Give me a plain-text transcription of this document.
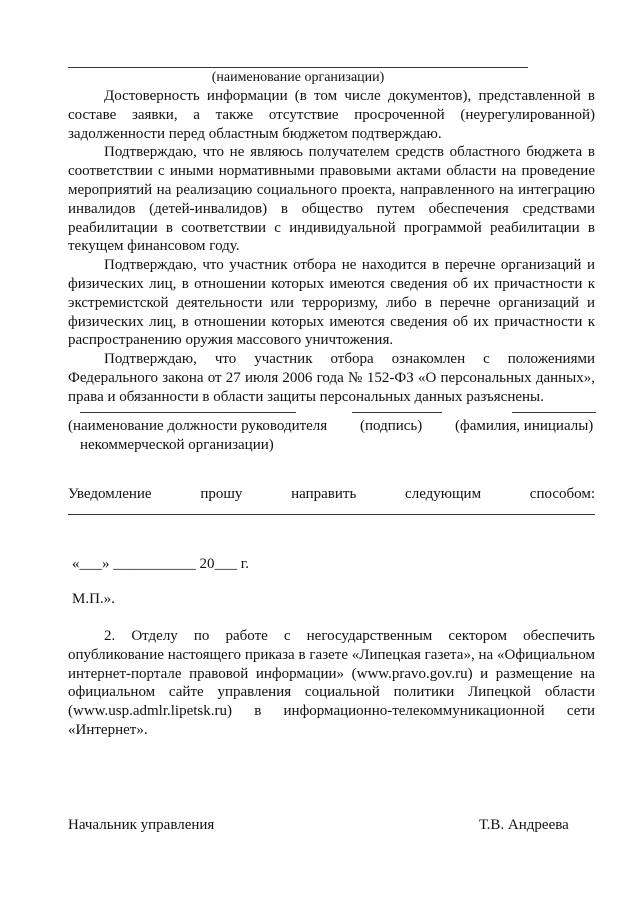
(наименование организации)

Достоверность информации (в том числе документов), представленной в составе заявки, а также отсутствие просроченной (неурегулированной) задолженности перед областным бюджетом подтверждаю.

Подтверждаю, что не являюсь получателем средств областного бюджета в соответствии с иными нормативными правовыми актами области на проведение мероприятий на реализацию социального проекта, направленного на интеграцию инвалидов (детей-инвалидов) в общество путем обеспечения средствами реабилитации в соответствии с индивидуальной программой реабилитации в текущем финансовом году.

Подтверждаю, что участник отбора не находится в перечне организаций и физических лиц, в отношении которых имеются сведения об их причастности к экстремистской деятельности или терроризму, либо в перечне организаций и физических лиц, в отношении которых имеются сведения об их причастности к распространению оружия массового уничтожения.

Подтверждаю, что участник отбора ознакомлен с положениями Федерального закона от 27 июля 2006 года № 152-ФЗ «О персональных данных», права и обязанности в области защиты персональных данных разъяснены.

(наименование должности руководителя (подпись) (фамилия, инициалы)
некоммерческой организации)
Уведомление	прошу	направить	следующим	способом:
«___» ___________ 20___ г.
М.П.».

2. Отделу по работе с негосударственным сектором обеспечить опубликование настоящего приказа в газете «Липецкая газета», на «Официальном интернет-портале правовой информации» (www.pravo.gov.ru) и размещение на официальном сайте управления социальной политики Липецкой области (www.usp.admlr.lipetsk.ru) в информационно-телекоммуникационной сети «Интернет».

Начальник управления	Т.В. Андреева
